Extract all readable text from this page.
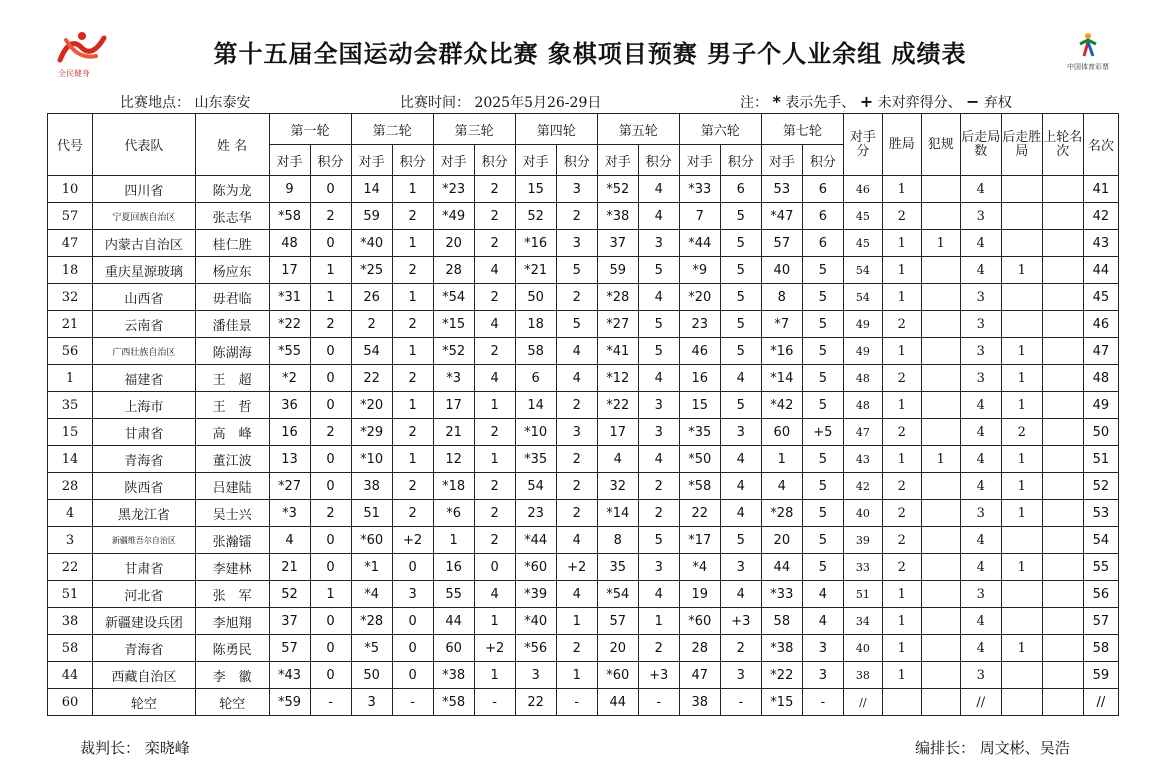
全民健身
第十五届全国运动会群众比赛 象棋项目预赛 男子个人业余组 成绩表	中国体育彩票
比赛地点： 山东泰安	比赛时间： 2025年5月26-29日	注： * 表示先手、 + 未对弈得分、 − 弃权
代号	代表队	姓 名	第一轮		第二轮		第三轮		第四轮		第五轮		第六轮		第七轮		对手分	胜局	犯规	后走局数	后走胜局	上轮名次	名次
			对手	积分	对手	积分	对手	积分	对手	积分	对手	积分	对手	积分	对手	积分							
10	四川省	陈为龙	9	0	14	1	*23	2	15	3	*52	4	*33	6	53	6	46	1		4			41
57	宁夏回族自治区	张志华	*58	2	59	2	*49	2	52	2	*38	4	7	5	*47	6	45	2		3			42
47	内蒙古自治区	桂仁胜	48	0	*40	1	20	2	*16	3	37	3	*44	5	57	6	45	1	1	4			43
18	重庆星源玻璃	杨应东	17	1	*25	2	28	4	*21	5	59	5	*9	5	40	5	54	1		4	1		44
32	山西省	毋君临	*31	1	26	1	*54	2	50	2	*28	4	*20	5	8	5	54	1		3			45
21	云南省	潘佳景	*22	2	2	2	*15	4	18	5	*27	5	23	5	*7	5	49	2		3			46
56	广西壮族自治区	陈湖海	*55	0	54	1	*52	2	58	4	*41	5	46	5	*16	5	49	1		3	1		47
1	福建省	王　超	*2	0	22	2	*3	4	6	4	*12	4	16	4	*14	5	48	2		3	1		48
35	上海市	王　哲	36	0	*20	1	17	1	14	2	*22	3	15	5	*42	5	48	1		4	1		49
15	甘肃省	高　峰	16	2	*29	2	21	2	*10	3	17	3	*35	3	60	+5	47	2		4	2		50
14	青海省	董江波	13	0	*10	1	12	1	*35	2	4	4	*50	4	1	5	43	1	1	4	1		51
28	陕西省	吕建陆	*27	0	38	2	*18	2	54	2	32	2	*58	4	4	5	42	2		4	1		52
4	黑龙江省	吴士兴	*3	2	51	2	*6	2	23	2	*14	2	22	4	*28	5	40	2		3	1		53
3	新疆维吾尔自治区	张瀚镭	4	0	*60	+2	1	2	*44	4	8	5	*17	5	20	5	39	2		4			54
22	甘肃省	李建林	21	0	*1	0	16	0	*60	+2	35	3	*4	3	44	5	33	2		4	1		55
51	河北省	张　军	52	1	*4	3	55	4	*39	4	*54	4	19	4	*33	4	51	1		3			56
38	新疆建设兵团	李旭翔	37	0	*28	0	44	1	*40	1	57	1	*60	+3	58	4	34	1		4			57
58	青海省	陈勇民	57	0	*5	0	60	+2	*56	2	20	2	28	2	*38	3	40	1		4	1		58
44	西藏自治区	李　徽	*43	0	50	0	*38	1	3	1	*60	+3	47	3	*22	3	38	1		3			59
60	轮空	轮空	*59	-	3	-	*58	-	22	-	44	-	38	-	*15	-	//			//			//
裁判长： 栾晓峰	编排长： 周文彬、吴浩
